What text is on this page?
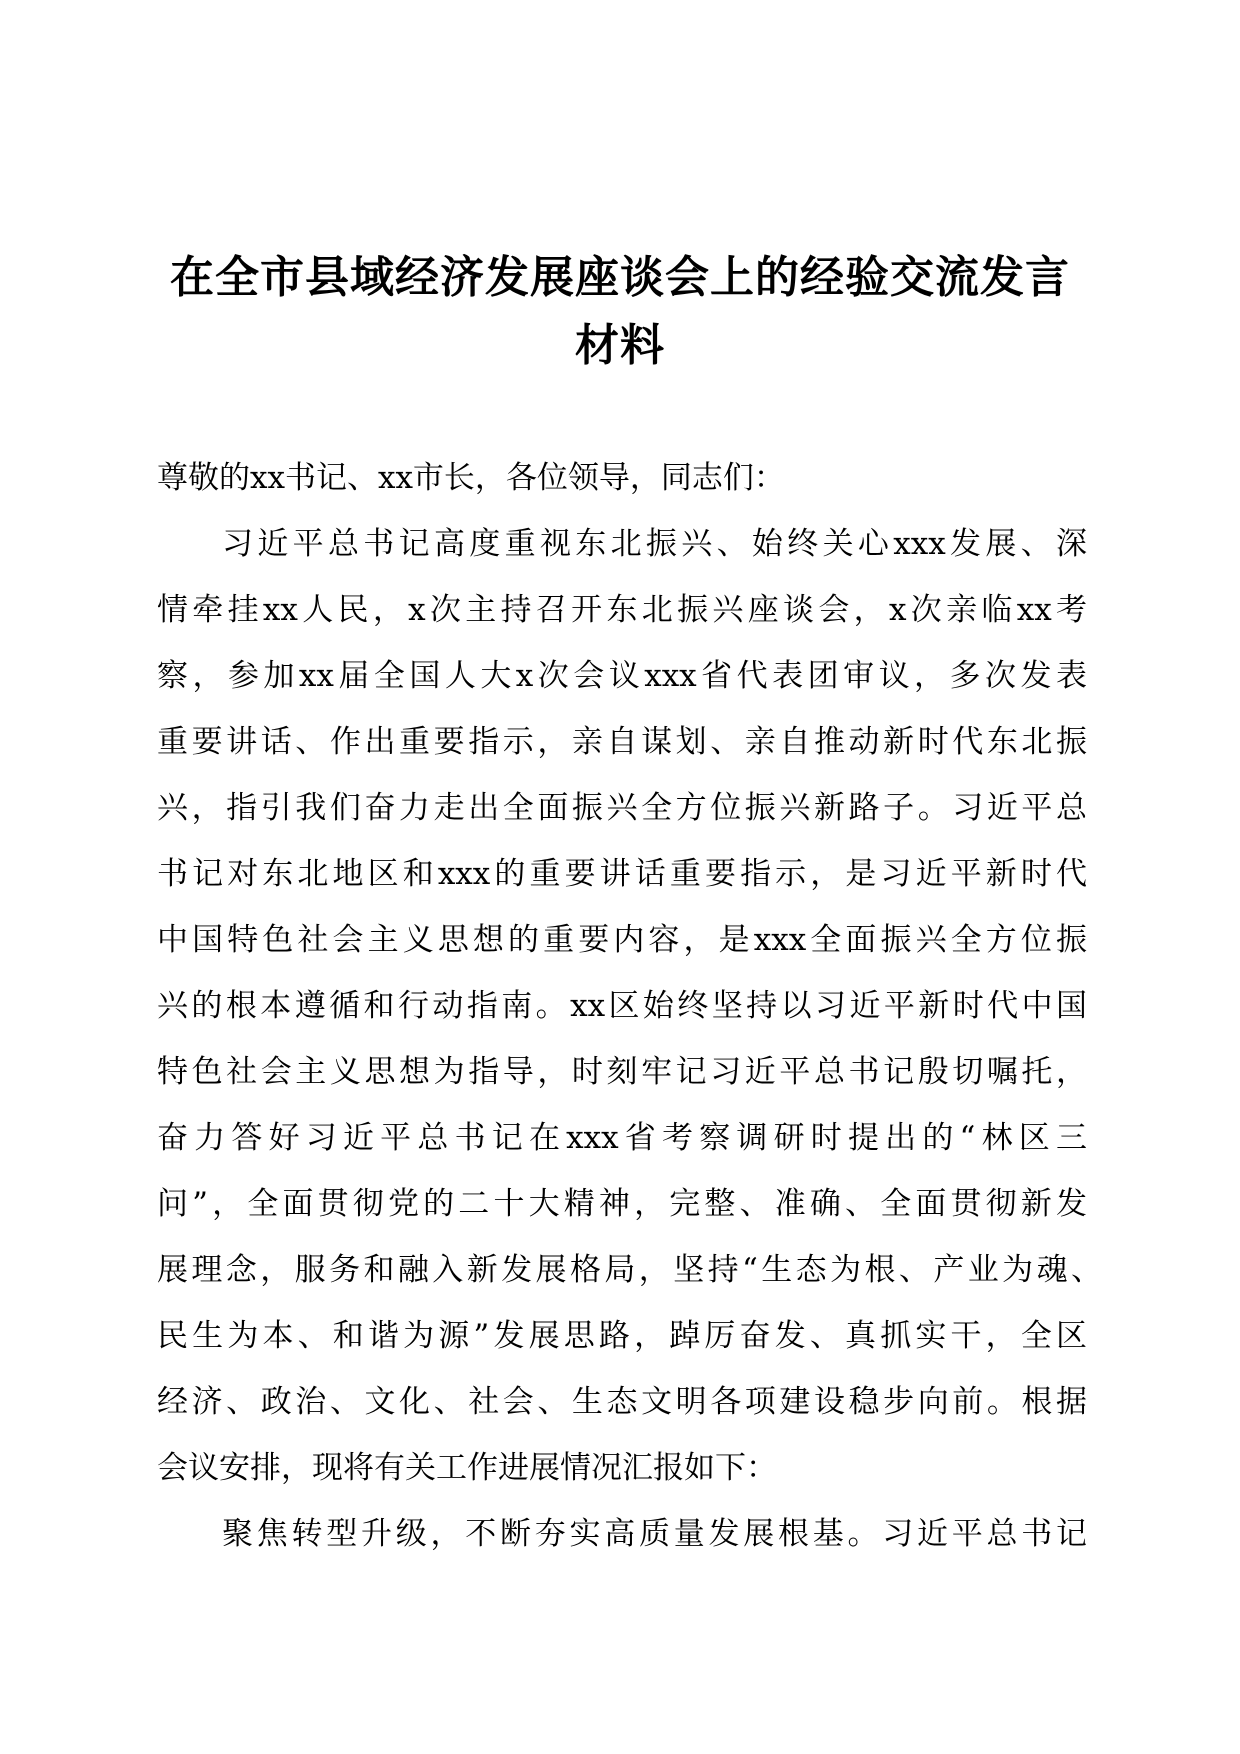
在全市县域经济发展座谈会上的经验交流发言
材料
尊敬的xx书记、xx市长，各位领导，同志们：
习近平总书记高度重视东北振兴、始终关心xxx发展、深
情牵挂xx人民，x次主持召开东北振兴座谈会，x次亲临xx考
察，参加xx届全国人大x次会议xxx省代表团审议，多次发表
重要讲话、作出重要指示，亲自谋划、亲自推动新时代东北振
兴，指引我们奋力走出全面振兴全方位振兴新路子。习近平总
书记对东北地区和xxx的重要讲话重要指示，是习近平新时代
中国特色社会主义思想的重要内容，是xxx全面振兴全方位振
兴的根本遵循和行动指南。xx区始终坚持以习近平新时代中国
特色社会主义思想为指导，时刻牢记习近平总书记殷切嘱托，
奋力答好习近平总书记在xxx省考察调研时提出的“林区三
问”，全面贯彻党的二十大精神，完整、准确、全面贯彻新发
展理念，服务和融入新发展格局，坚持“生态为根、产业为魂、
民生为本、和谐为源”发展思路，踔厉奋发、真抓实干，全区
经济、政治、文化、社会、生态文明各项建设稳步向前。根据
会议安排，现将有关工作进展情况汇报如下：
聚焦转型升级，不断夯实高质量发展根基。习近平总书记
